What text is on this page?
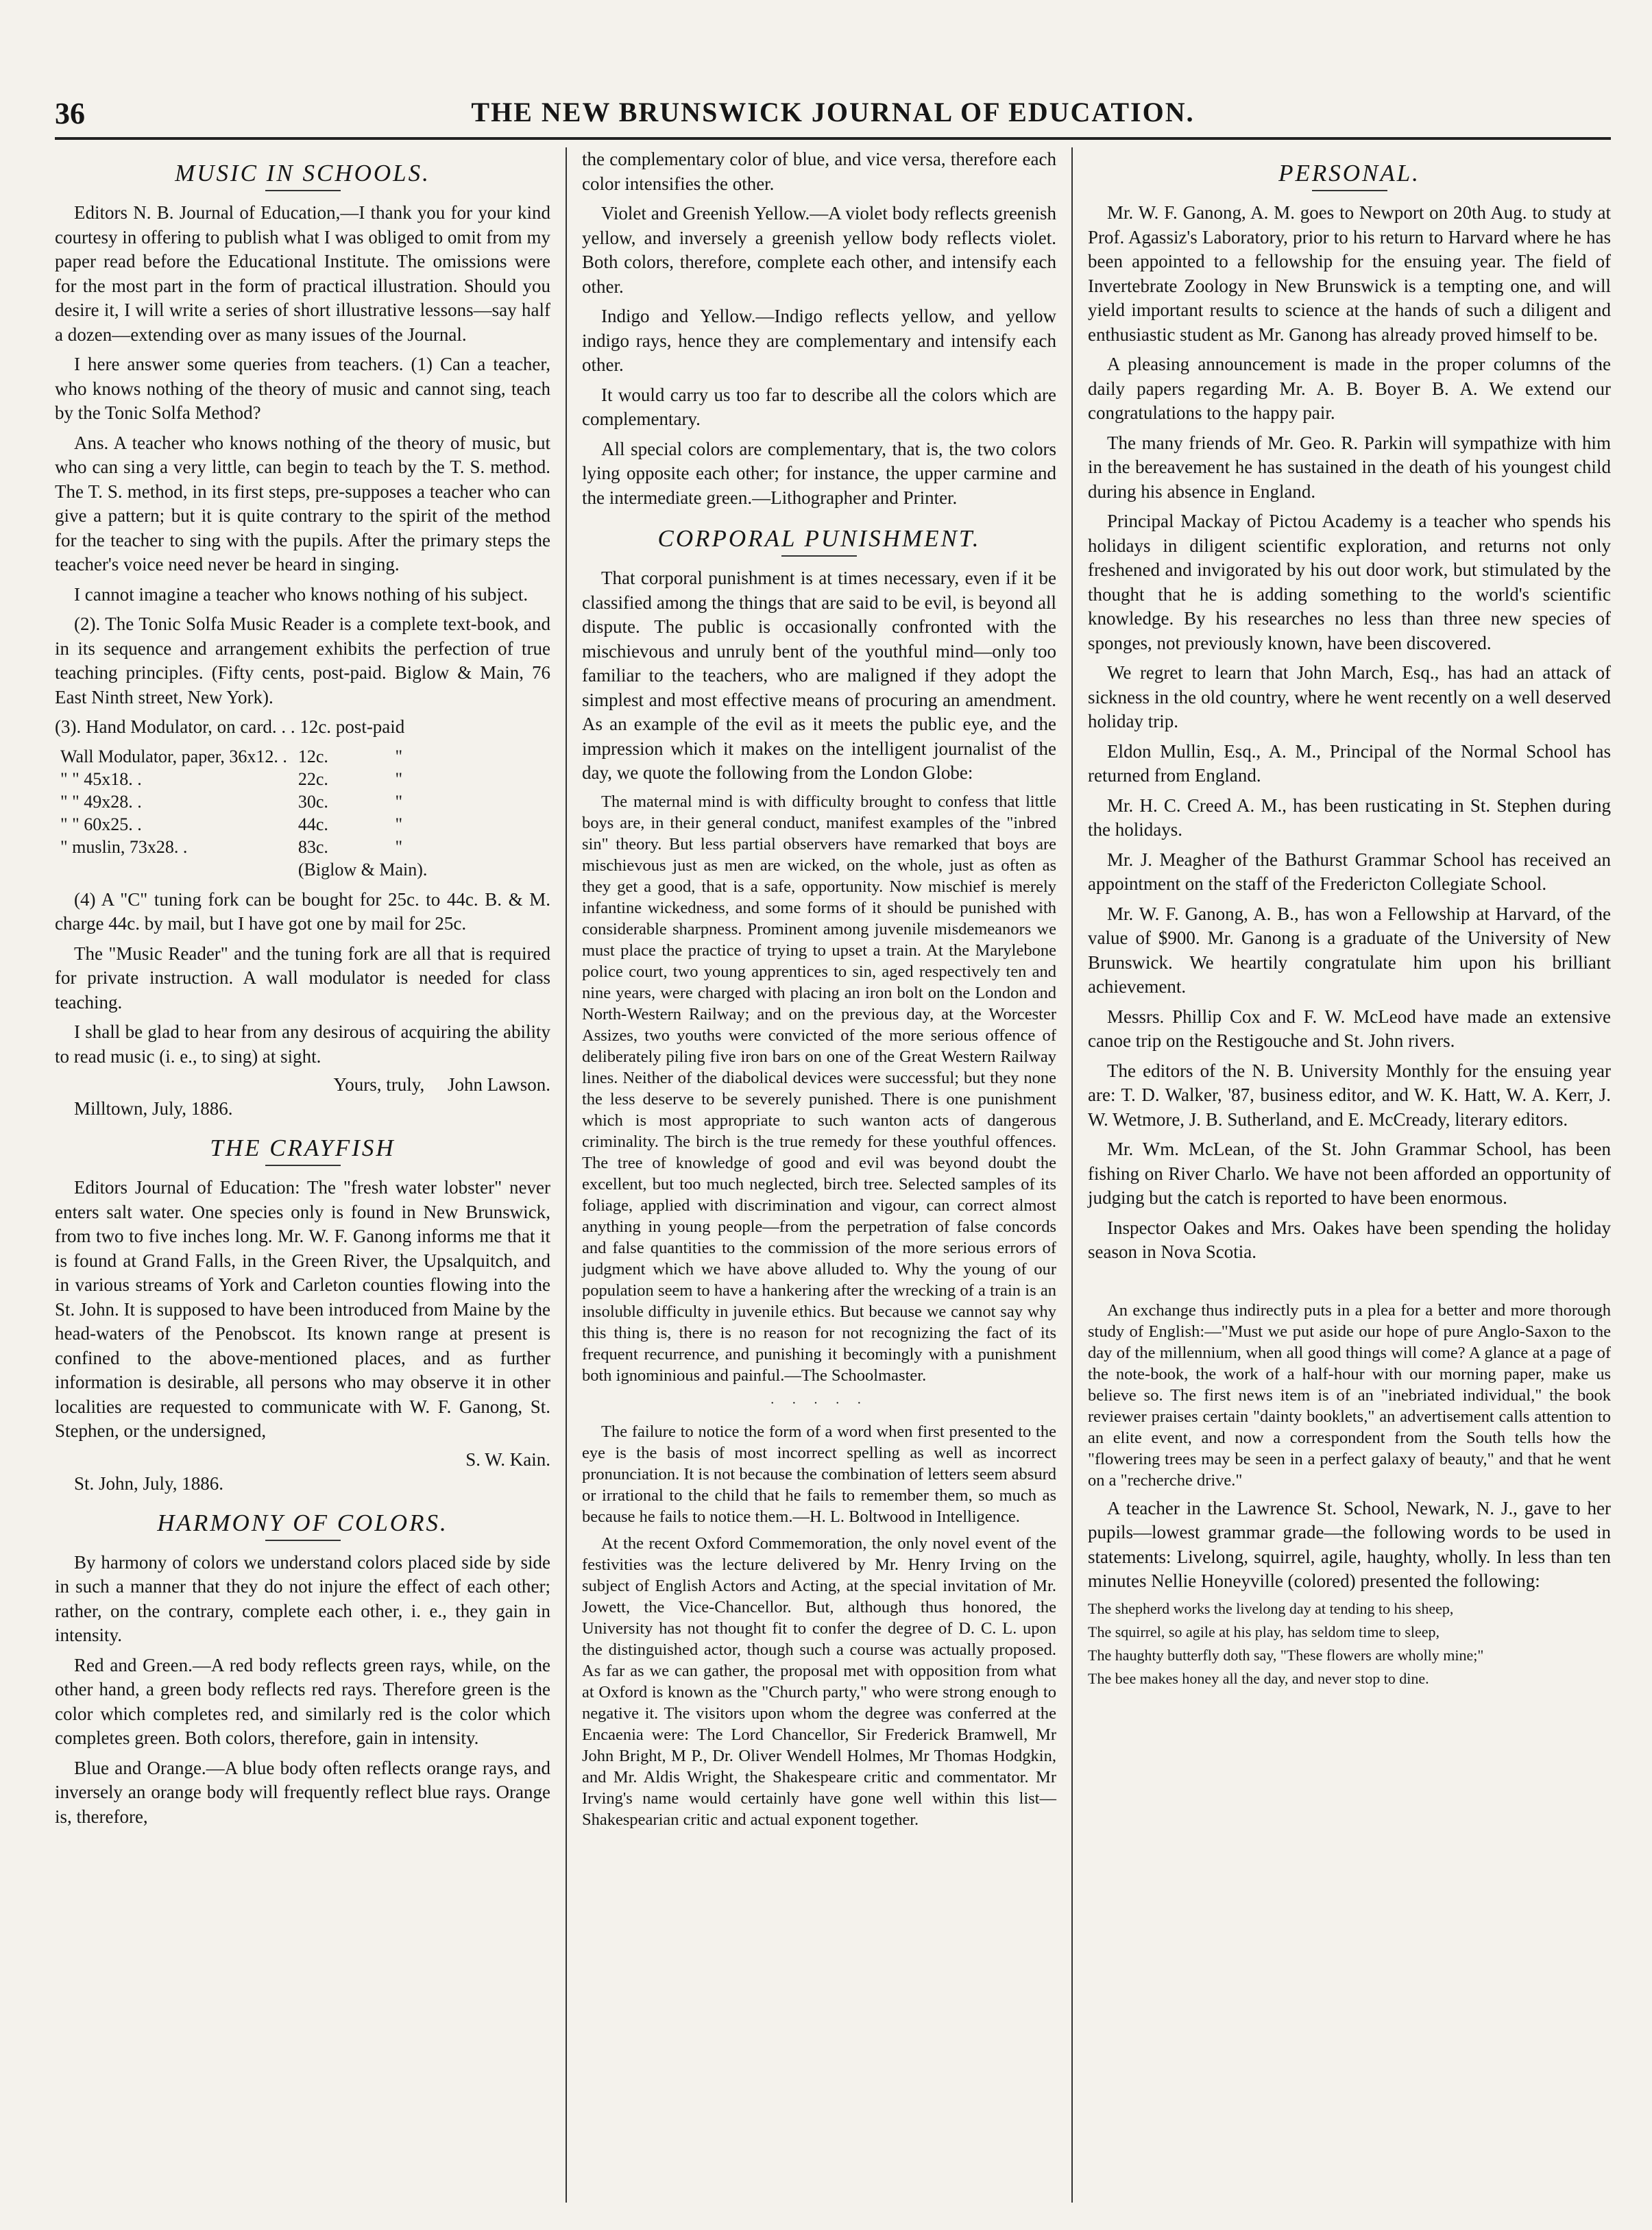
36	THE NEW BRUNSWICK JOURNAL OF EDUCATION.
MUSIC IN SCHOOLS.

Editors N. B. Journal of Education,—I thank you for your kind courtesy in offering to publish what I was obliged to omit from my paper read before the Educational Institute. The omissions were for the most part in the form of practical illustration. Should you desire it, I will write a series of short illustrative lessons—say half a dozen—extending over as many issues of the Journal.

I here answer some queries from teachers. (1) Can a teacher, who knows nothing of the theory of music and cannot sing, teach by the Tonic Solfa Method?

Ans. A teacher who knows nothing of the theory of music, but who can sing a very little, can begin to teach by the T. S. method. The T. S. method, in its first steps, pre-supposes a teacher who can give a pattern; but it is quite contrary to the spirit of the method for the teacher to sing with the pupils. After the primary steps the teacher's voice need never be heard in singing.

I cannot imagine a teacher who knows nothing of his subject.

(2). The Tonic Solfa Music Reader is a complete text-book, and in its sequence and arrangement exhibits the perfection of true teaching principles. (Fifty cents, post-paid. Biglow & Main, 76 East Ninth street, New York).

(3). Hand Modulator, on card. . . 12c. post-paid

Wall Modulator, paper, 36x12. .	12c.	"
" " 45x18. .	22c.	"
" " 49x28. .	30c.	"
" " 60x25. .	44c.	"
" muslin, 73x28. .	83c.	"
	(Biglow & Main).	

(4) A "C" tuning fork can be bought for 25c. to 44c. B. & M. charge 44c. by mail, but I have got one by mail for 25c.

The "Music Reader" and the tuning fork are all that is required for private instruction. A wall modulator is needed for class teaching.

I shall be glad to hear from any desirous of acquiring the ability to read music (i. e., to sing) at sight.

Yours, truly, John Lawson.
Milltown, July, 1886.
THE CRAYFISH

Editors Journal of Education: The "fresh water lobster" never enters salt water. One species only is found in New Brunswick, from two to five inches long. Mr. W. F. Ganong informs me that it is found at Grand Falls, in the Green River, the Upsalquitch, and in various streams of York and Carleton counties flowing into the St. John. It is supposed to have been introduced from Maine by the head-waters of the Penobscot. Its known range at present is confined to the above-mentioned places, and as further information is desirable, all persons who may observe it in other localities are requested to communicate with W. F. Ganong, St. Stephen, or the undersigned,

S. W. Kain.
St. John, July, 1886.
HARMONY OF COLORS.

By harmony of colors we understand colors placed side by side in such a manner that they do not injure the effect of each other; rather, on the contrary, complete each other, i. e., they gain in intensity.

Red and Green.—A red body reflects green rays, while, on the other hand, a green body reflects red rays. Therefore green is the color which completes red, and similarly red is the color which completes green. Both colors, therefore, gain in intensity.

Blue and Orange.—A blue body often reflects orange rays, and inversely an orange body will frequently reflect blue rays. Orange is, therefore,

the complementary color of blue, and vice versa, therefore each color intensifies the other.

Violet and Greenish Yellow.—A violet body reflects greenish yellow, and inversely a greenish yellow body reflects violet. Both colors, therefore, complete each other, and intensify each other.

Indigo and Yellow.—Indigo reflects yellow, and yellow indigo rays, hence they are complementary and intensify each other.

It would carry us too far to describe all the colors which are complementary.

All special colors are complementary, that is, the two colors lying opposite each other; for instance, the upper carmine and the intermediate green.—Lithographer and Printer.

CORPORAL PUNISHMENT.

That corporal punishment is at times necessary, even if it be classified among the things that are said to be evil, is beyond all dispute. The public is occasionally confronted with the mischievous and unruly bent of the youthful mind—only too familiar to the teachers, who are maligned if they adopt the simplest and most effective means of procuring an amendment. As an example of the evil as it meets the public eye, and the impression which it makes on the intelligent journalist of the day, we quote the following from the London Globe:

The maternal mind is with difficulty brought to confess that little boys are, in their general conduct, manifest examples of the "inbred sin" theory. But less partial observers have remarked that boys are mischievous just as men are wicked, on the whole, just as often as they get a good, that is a safe, opportunity. Now mischief is merely infantine wickedness, and some forms of it should be punished with considerable sharpness. Prominent among juvenile misdemeanors we must place the practice of trying to upset a train. At the Marylebone police court, two young apprentices to sin, aged respectively ten and nine years, were charged with placing an iron bolt on the London and North-Western Railway; and on the previous day, at the Worcester Assizes, two youths were convicted of the more serious offence of deliberately piling five iron bars on one of the Great Western Railway lines. Neither of the diabolical devices were successful; but they none the less deserve to be severely punished. There is one punishment which is most appropriate to such wanton acts of dangerous criminality. The birch is the true remedy for these youthful offences. The tree of knowledge of good and evil was beyond doubt the excellent, but too much neglected, birch tree. Selected samples of its foliage, applied with discrimination and vigour, can correct almost anything in young people—from the perpetration of false concords and false quantities to the commission of the more serious errors of judgment which we have above alluded to. Why the young of our population seem to have a hankering after the wrecking of a train is an insoluble difficulty in juvenile ethics. But because we cannot say why this thing is, there is no reason for not recognizing the fact of its frequent recurrence, and punishing it becomingly with a punishment both ignominious and painful.—The Schoolmaster.

· · · · ·

The failure to notice the form of a word when first presented to the eye is the basis of most incorrect spelling as well as incorrect pronunciation. It is not because the combination of letters seem absurd or irrational to the child that he fails to remember them, so much as because he fails to notice them.—H. L. Boltwood in Intelligence.

At the recent Oxford Commemoration, the only novel event of the festivities was the lecture delivered by Mr. Henry Irving on the subject of English Actors and Acting, at the special invitation of Mr. Jowett, the Vice-Chancellor. But, although thus honored, the University has not thought fit to confer the degree of D. C. L. upon the distinguished actor, though such a course was actually proposed. As far as we can gather, the proposal met with opposition from what at Oxford is known as the "Church party," who were strong enough to negative it. The visitors upon whom the degree was conferred at the Encaenia were: The Lord Chancellor, Sir Frederick Bramwell, Mr John Bright, M P., Dr. Oliver Wendell Holmes, Mr Thomas Hodgkin, and Mr. Aldis Wright, the Shakespeare critic and commentator. Mr Irving's name would certainly have gone well within this list—Shakespearian critic and actual exponent together.

PERSONAL.

Mr. W. F. Ganong, A. M. goes to Newport on 20th Aug. to study at Prof. Agassiz's Laboratory, prior to his return to Harvard where he has been appointed to a fellowship for the ensuing year. The field of Invertebrate Zoology in New Brunswick is a tempting one, and will yield important results to science at the hands of such a diligent and enthusiastic student as Mr. Ganong has already proved himself to be.

A pleasing announcement is made in the proper columns of the daily papers regarding Mr. A. B. Boyer B. A. We extend our congratulations to the happy pair.

The many friends of Mr. Geo. R. Parkin will sympathize with him in the bereavement he has sustained in the death of his youngest child during his absence in England.

Principal Mackay of Pictou Academy is a teacher who spends his holidays in diligent scientific exploration, and returns not only freshened and invigorated by his out door work, but stimulated by the thought that he is adding something to the world's scientific knowledge. By his researches no less than three new species of sponges, not previously known, have been discovered.

We regret to learn that John March, Esq., has had an attack of sickness in the old country, where he went recently on a well deserved holiday trip.

Eldon Mullin, Esq., A. M., Principal of the Normal School has returned from England.

Mr. H. C. Creed A. M., has been rusticating in St. Stephen during the holidays.

Mr. J. Meagher of the Bathurst Grammar School has received an appointment on the staff of the Fredericton Collegiate School.

Mr. W. F. Ganong, A. B., has won a Fellowship at Harvard, of the value of $900. Mr. Ganong is a graduate of the University of New Brunswick. We heartily congratulate him upon his brilliant achievement.

Messrs. Phillip Cox and F. W. McLeod have made an extensive canoe trip on the Restigouche and St. John rivers.

The editors of the N. B. University Monthly for the ensuing year are: T. D. Walker, '87, business editor, and W. K. Hatt, W. A. Kerr, J. W. Wetmore, J. B. Sutherland, and E. McCready, literary editors.

Mr. Wm. McLean, of the St. John Grammar School, has been fishing on River Charlo. We have not been afforded an opportunity of judging but the catch is reported to have been enormous.

Inspector Oakes and Mrs. Oakes have been spending the holiday season in Nova Scotia.

An exchange thus indirectly puts in a plea for a better and more thorough study of English:—"Must we put aside our hope of pure Anglo-Saxon to the day of the millennium, when all good things will come? A glance at a page of the note-book, the work of a half-hour with our morning paper, make us believe so. The first news item is of an "inebriated individual," the book reviewer praises certain "dainty booklets," an advertisement calls attention to an elite event, and now a correspondent from the South tells how the "flowering trees may be seen in a perfect galaxy of beauty," and that he went on a "recherche drive."

A teacher in the Lawrence St. School, Newark, N. J., gave to her pupils—lowest grammar grade—the following words to be used in statements: Livelong, squirrel, agile, haughty, wholly. In less than ten minutes Nellie Honeyville (colored) presented the following:

The shepherd works the livelong day at tending to his sheep,
The squirrel, so agile at his play, has seldom time to sleep,
The haughty butterfly doth say, "These flowers are wholly mine;"
The bee makes honey all the day, and never stop to dine.
